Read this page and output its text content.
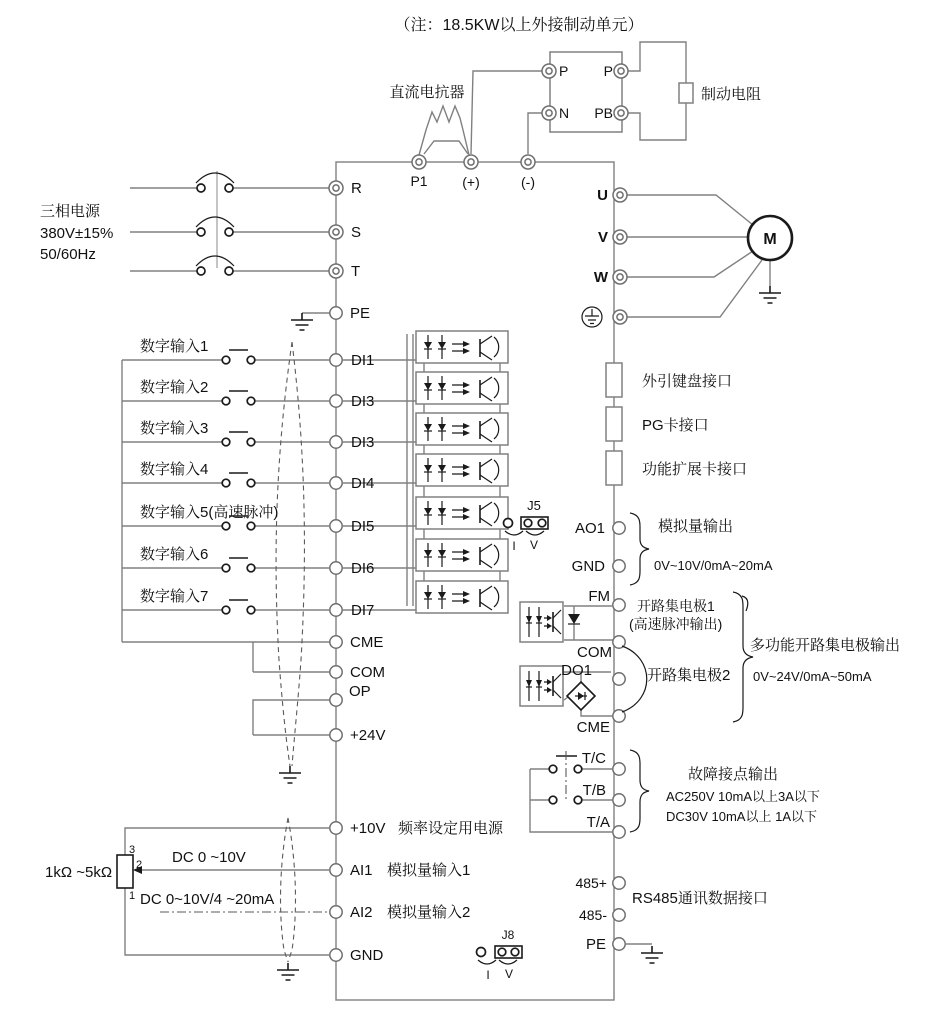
（注：18.5KW以上外接制动单元）
制动电阻
P	P
N PB
直流电抗器
P1 (+)	(-)
三相电源
380V±15%
50/60Hz
R
S
T
PE
U
V
W
M
外引键盘接口
PG卡接口
功能扩展卡接口
数字输入1
DI1
数字输入2
DI3
数字输入3
DI3
数字输入4
DI4
数字输入5(高速脉冲)
DI5
数字输入6
DI6
数字输入7
DI7
CME
COM
OP
+24V
J5
I V
AO1
GND
模拟量输出
0V~10V/0mA~20mA
FM
COM
DO1
CME
开路集电极1
(高速脉冲输出)
开路集电极2
多功能开路集电极输出
0V~24V/0mA~50mA
T/C
T/B
T/A
故障接点输出
AC250V 10mA以上3A以下
DC30V 10mA以上 1A以下
485+
485-
PE
RS485通讯数据接口
J8
I V
3
2
1
1kΩ ~5kΩ
DC 0 ~10V
DC 0~10V/4 ~20mA
+10V 频率设定用电源
AI1 模拟量输入1
AI2 模拟量输入2
GND
